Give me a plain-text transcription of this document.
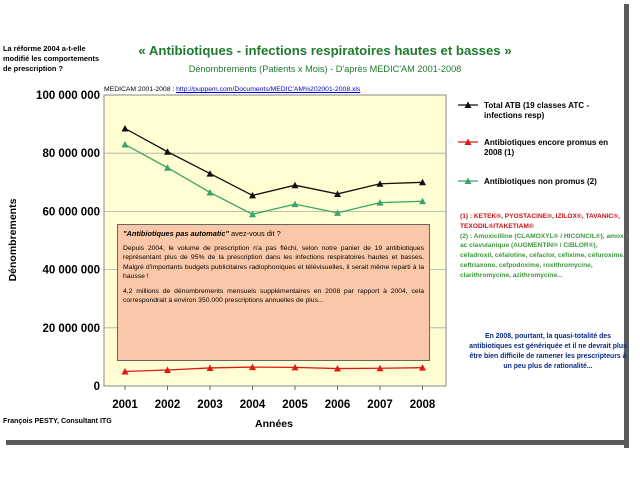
La réforme 2004 a-t-elle modifié les comportements de prescription ?
« Antibiotiques - infections respiratoires hautes et basses »
Dénombrements (Patients x Mois) - D'après MEDIC'AM 2001-2008
MEDICAM 2001-2008 : http://puppem.com/Documents/MEDIC'AM%202001-2008.xls
0
20 000 000
40 000 000
60 000 000
80 000 000
100 000 000
2001 2002 2003 2004 2005 2006 2007 2008
Dénombrements
Années
Total ATB (19 classes ATC -infections resp)
Antibiotiques encore promus en 2008 (1)
Antibiotiques non promus (2)
"Antibiotiques pas automatic" avez-vous dit ?

Depuis 2004, le volume de prescription n'a pas fléchi, selon notre panier de 19 antibiotiques représentant plus de 95% de la prescription dans les infections respiratoires hautes et basses. Malgré d'importants budgets publicitaires radiophoniques et télévisuelles, il serait même reparti à la hausse !

4,2 millions de dénombrements mensuels supplémentaires en 2008 par rapport à 2004, cela correspondrait à environ 350.000 prescriptions annuelles de plus...

(1) : KETEK®, PYOSTACINE®, IZILOX®, TAVANIC®, TEXODIL®/TAKETIAM®
(2) : Amoxicilline (CLAMOXYL® / HICONCIL®), amox + ac clavulanique (AUGMENTIN® / CIBLOR®), céfadroxil, céfalotine, céfaclor, céfixime, céfuroxime, ceftriaxone, cefpodoxime, roxithromycine, clarithromycine, azithromycine...
En 2008, pourtant, la quasi-totalité des antibiotiques est génériquée et il ne devrait plus être bien difficile de ramener les prescripteurs à un peu plus de rationalité...
François PESTY, Consultant ITG
